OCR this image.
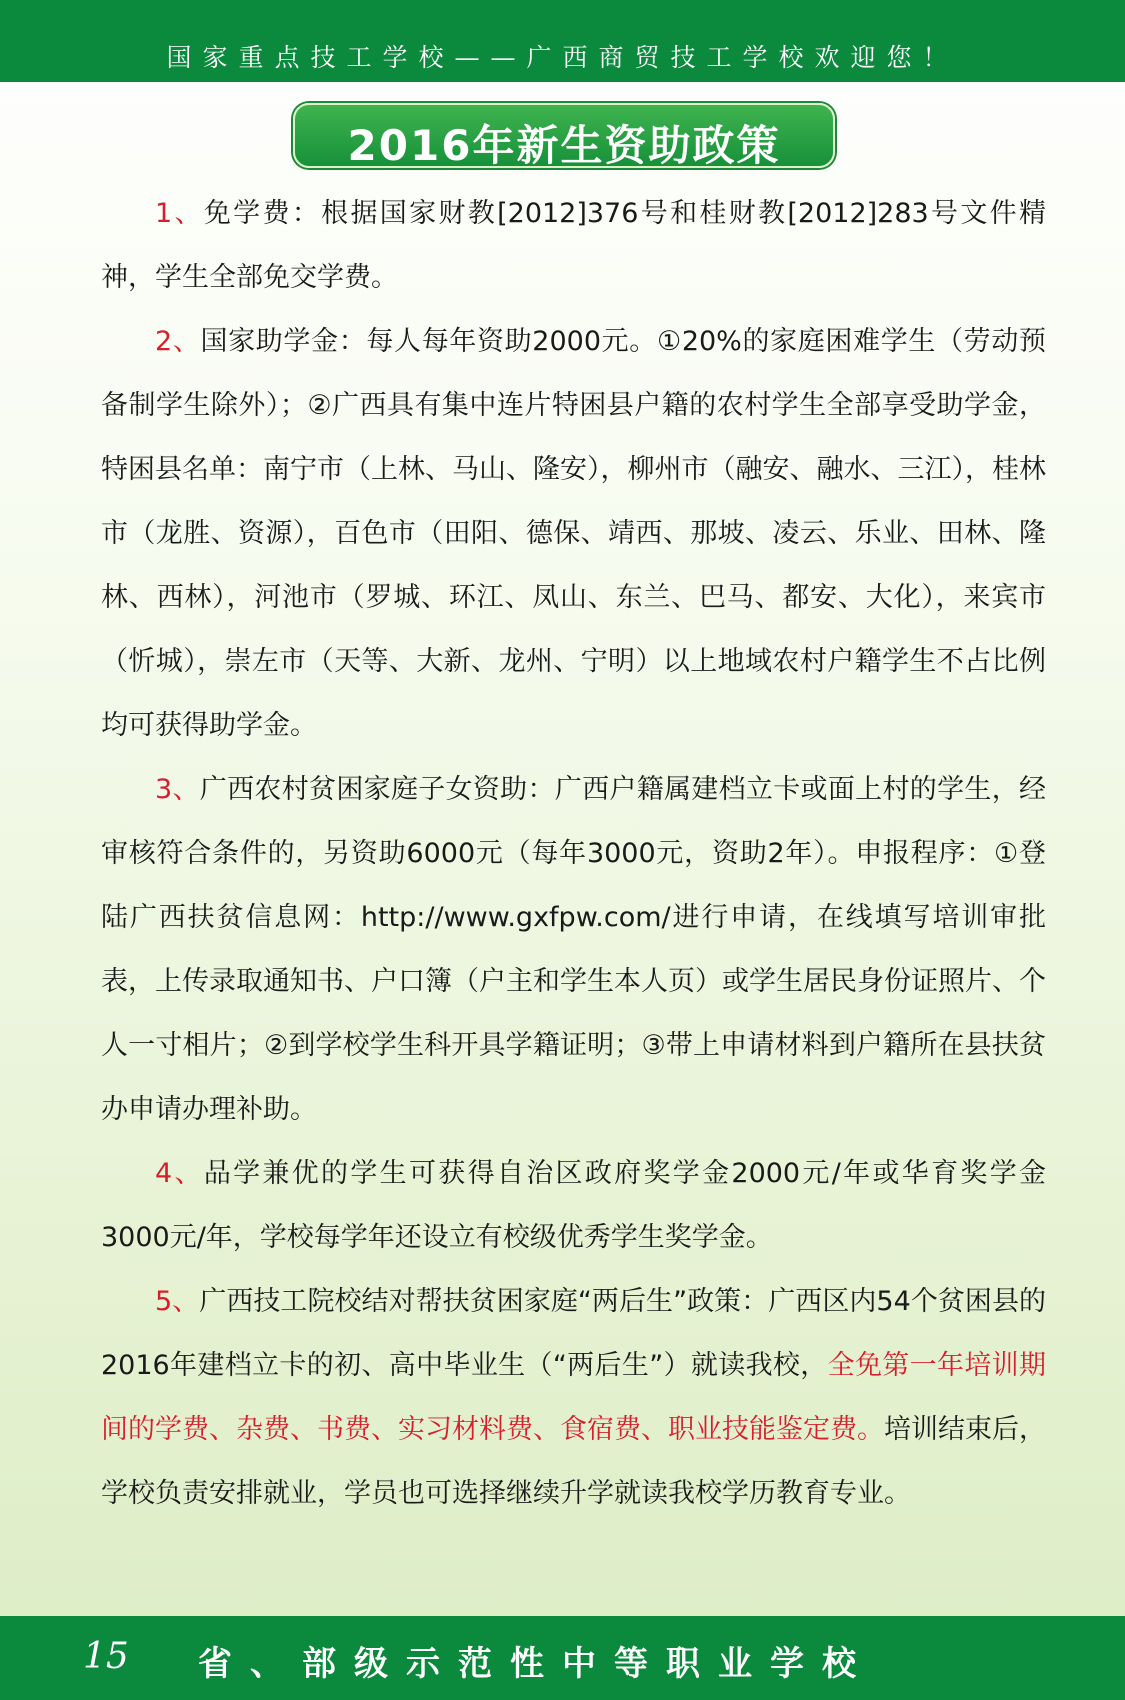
国家重点技工学校——广西商贸技工学校欢迎您！
2016年新生资助政策

1、免学费：根据国家财教[2012]376号和桂财教[2012]283号文件精神，学生全部免交学费。

2、国家助学金：每人每年资助2000元。①20%的家庭困难学生（劳动预备制学生除外）；②广西具有集中连片特困县户籍的农村学生全部享受助学金，特困县名单：南宁市（上林、马山、隆安），柳州市（融安、融水、三江），桂林市（龙胜、资源），百色市（田阳、德保、靖西、那坡、凌云、乐业、田林、隆林、西林），河池市（罗城、环江、凤山、东兰、巴马、都安、大化），来宾市（忻城），崇左市（天等、大新、龙州、宁明）以上地域农村户籍学生不占比例均可获得助学金。

3、广西农村贫困家庭子女资助：广西户籍属建档立卡或面上村的学生，经审核符合条件的，另资助6000元（每年3000元，资助2年）。申报程序：①登陆广西扶贫信息网：http://www.gxfpw.com/进行申请，在线填写培训审批表，上传录取通知书、户口簿（户主和学生本人页）或学生居民身份证照片、个人一寸相片；②到学校学生科开具学籍证明；③带上申请材料到户籍所在县扶贫办申请办理补助。

4、品学兼优的学生可获得自治区政府奖学金2000元/年或华育奖学金3000元/年，学校每学年还设立有校级优秀学生奖学金。

5、广西技工院校结对帮扶贫困家庭“两后生”政策：广西区内54个贫困县的2016年建档立卡的初、高中毕业生（“两后生”）就读我校，全免第一年培训期间的学费、杂费、书费、实习材料费、食宿费、职业技能鉴定费。培训结束后，学校负责安排就业，学员也可选择继续升学就读我校学历教育专业。

15 省、部级示范性中等职业学校
